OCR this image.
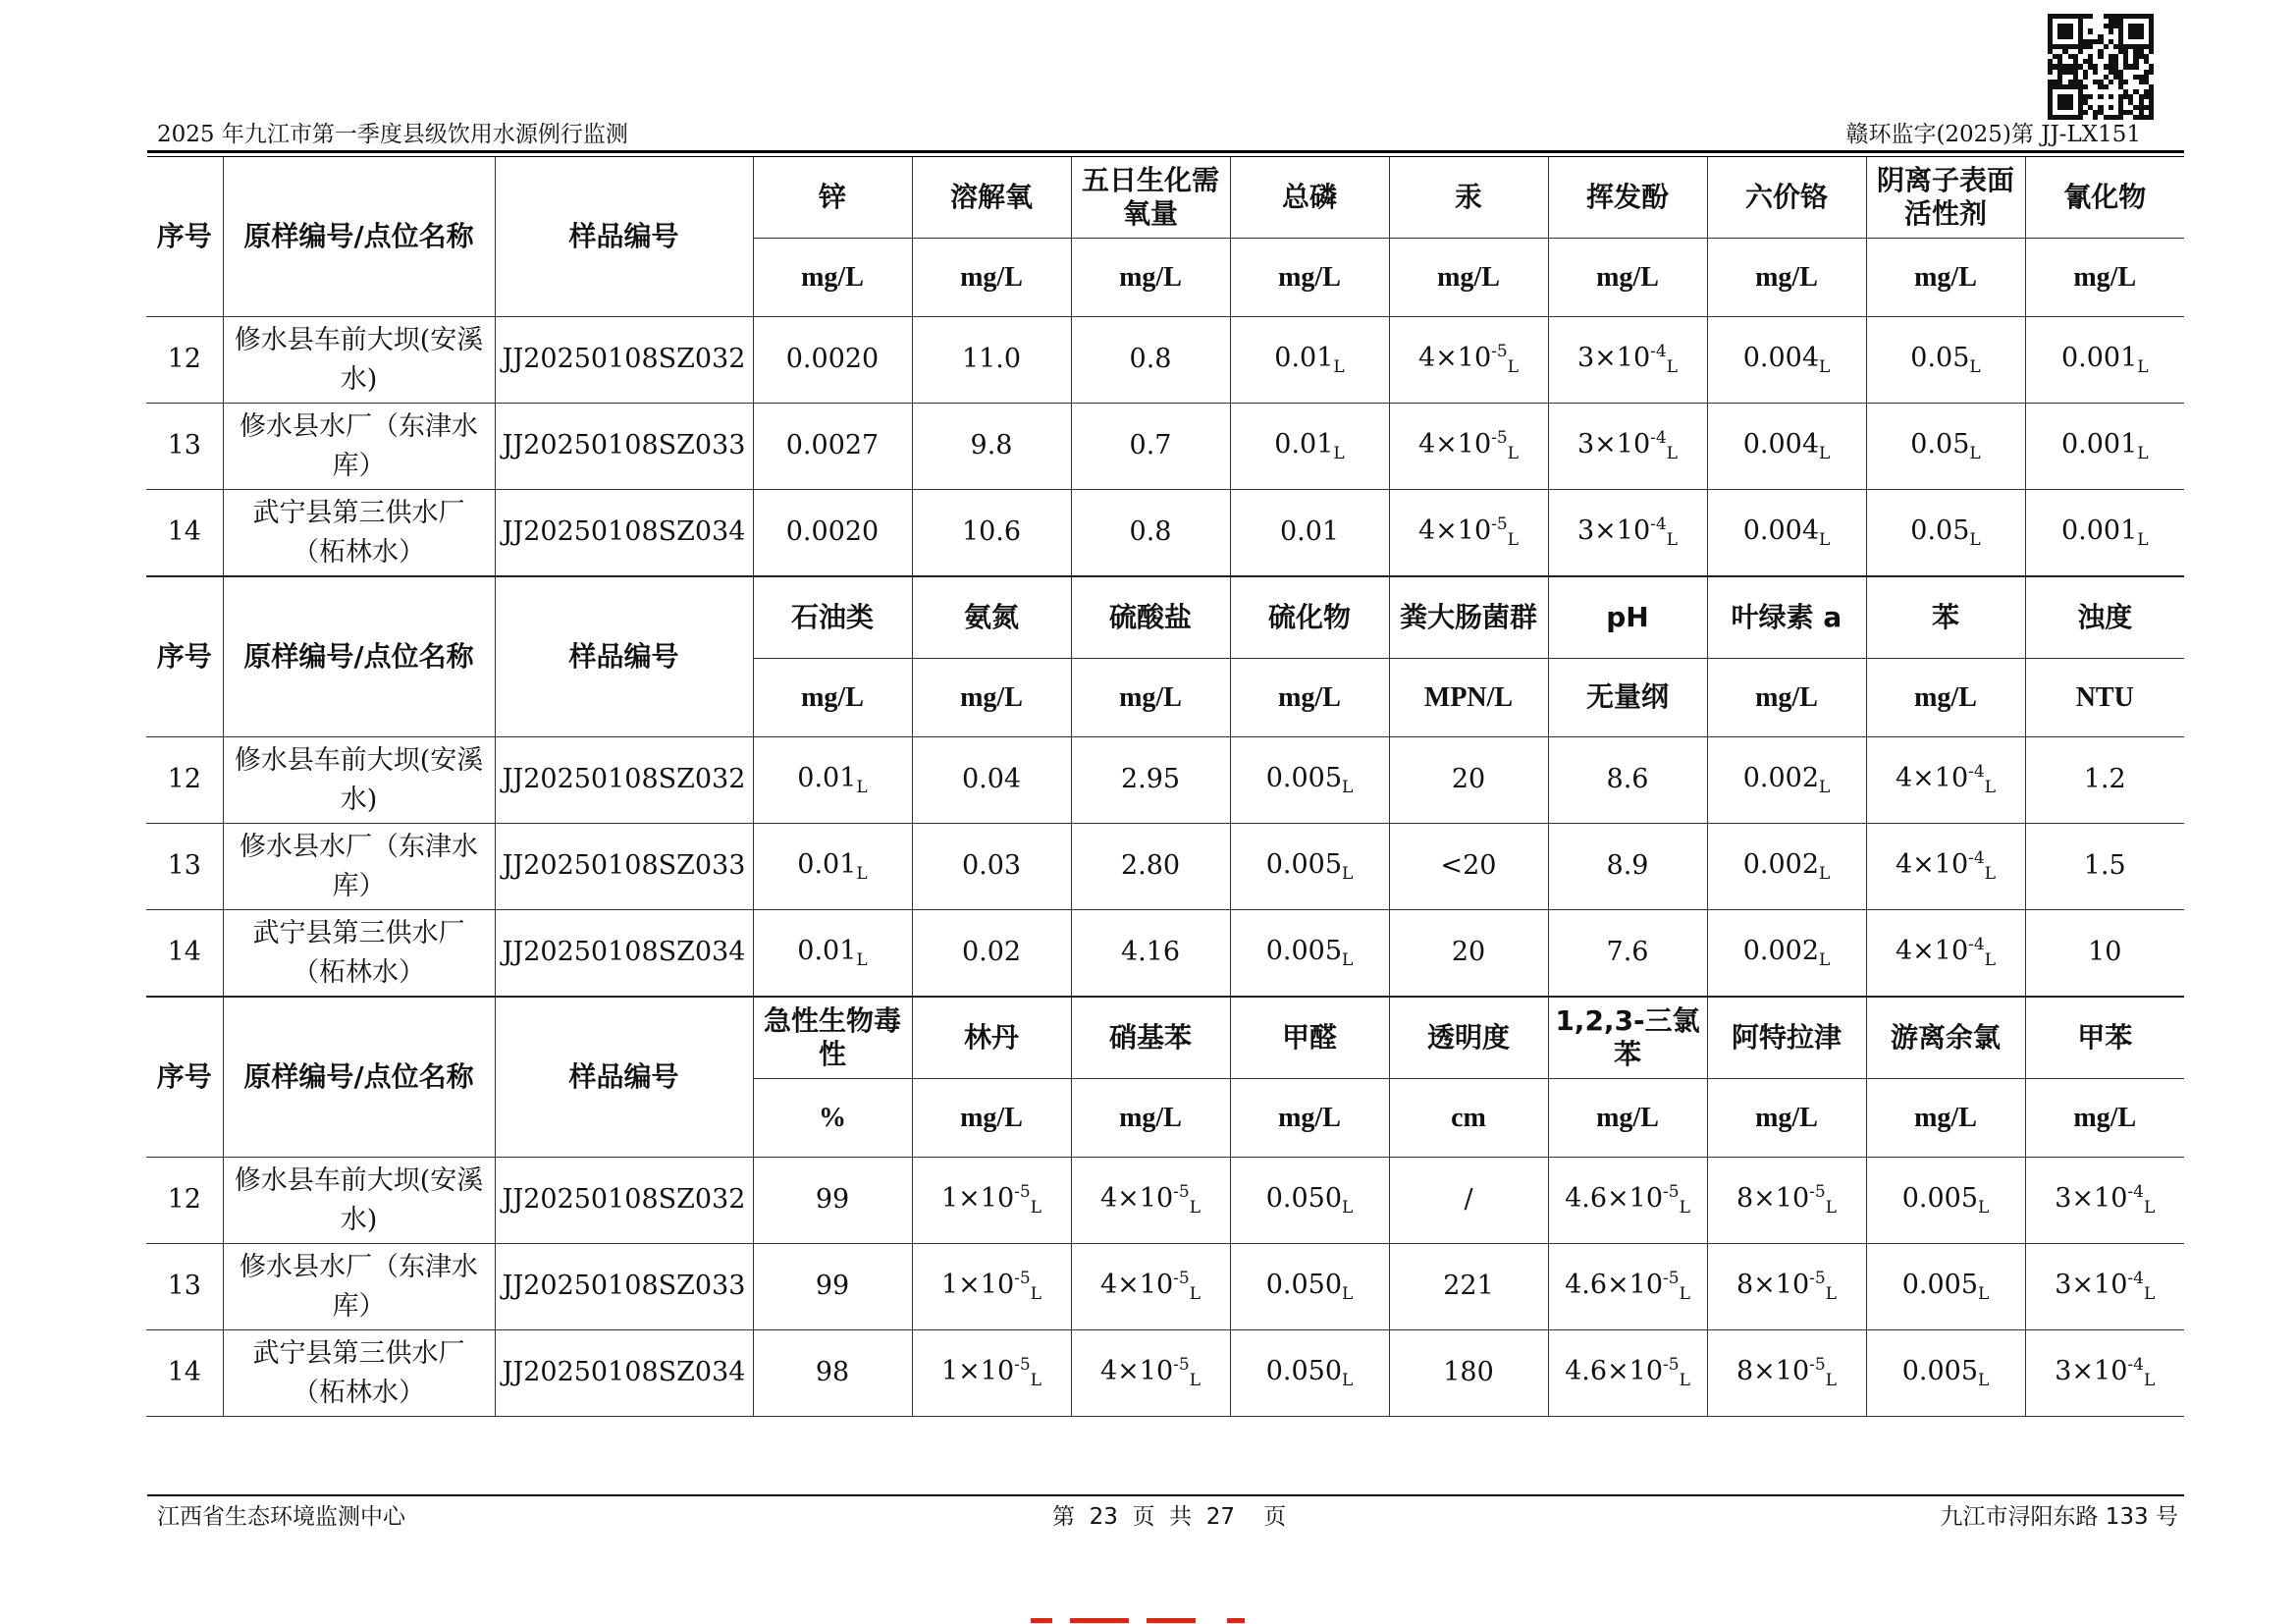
2025 年九江市第一季度县级饮用水源例行监测	赣环监字(2025)第 JJ-LX151
序号	原样编号/点位名称	样品编号	锌	溶解氧	五日生化需氧量	总磷	汞	挥发酚	六价铬	阴离子表面活性剂	氰化物
			mg/L	mg/L	mg/L	mg/L	mg/L	mg/L	mg/L	mg/L	mg/L
12	修水县车前大坝(安溪水)	JJ20250108SZ032	0.0020	11.0	0.8	$0.01_L$	$4\times 10^{-5}_L$	$3\times 10^{-4}_L$	$0.004_L$	$0.05_L$	$0.001_L$
13	修水县水厂（东津水库）	JJ20250108SZ033	0.0027	9.8	0.7	$0.01_L$	$4\times 10^{-5}_L$	$3\times 10^{-4}_L$	$0.004_L$	$0.05_L$	$0.001_L$
14	武宁县第三供水厂（柘林水）	JJ20250108SZ034	0.0020	10.6	0.8	0.01	$4\times 10^{-5}_L$	$3\times 10^{-4}_L$	$0.004_L$	$0.05_L$	$0.001_L$
序号	原样编号/点位名称	样品编号	石油类	氨氮	硫酸盐	硫化物	粪大肠菌群	pH	叶绿素 a	苯	浊度
			mg/L	mg/L	mg/L	mg/L	MPN/L	无量纲	mg/L	mg/L	NTU
12	修水县车前大坝(安溪水)	JJ20250108SZ032	$0.01_L$	0.04	2.95	$0.005_L$	20	8.6	$0.002_L$	$4\times 10^{-4}_L$	1.2
13	修水县水厂（东津水库）	JJ20250108SZ033	$0.01_L$	0.03	2.80	$0.005_L$	<20	8.9	$0.002_L$	$4\times 10^{-4}_L$	1.5
14	武宁县第三供水厂（柘林水）	JJ20250108SZ034	$0.01_L$	0.02	4.16	$0.005_L$	20	7.6	$0.002_L$	$4\times 10^{-4}_L$	10
序号	原样编号/点位名称	样品编号	急性生物毒性	林丹	硝基苯	甲醛	透明度	1,2,3-三氯苯	阿特拉津	游离余氯	甲苯
			%	mg/L	mg/L	mg/L	cm	mg/L	mg/L	mg/L	mg/L
12	修水县车前大坝(安溪水)	JJ20250108SZ032	99	$1\times 10^{-5}_L$	$4\times 10^{-5}_L$	$0.050_L$	/	$4.6\times 10^{-5}_L$	$8\times 10^{-5}_L$	$0.005_L$	$3\times 10^{-4}_L$
13	修水县水厂（东津水库）	JJ20250108SZ033	99	$1\times 10^{-5}_L$	$4\times 10^{-5}_L$	$0.050_L$	221	$4.6\times 10^{-5}_L$	$8\times 10^{-5}_L$	$0.005_L$	$3\times 10^{-4}_L$
14	武宁县第三供水厂（柘林水）	JJ20250108SZ034	98	$1\times 10^{-5}_L$	$4\times 10^{-5}_L$	$0.050_L$	180	$4.6\times 10^{-5}_L$	$8\times 10^{-5}_L$	$0.005_L$	$3\times 10^{-4}_L$
江西省生态环境监测中心	第  23  页  共  27    页	九江市浔阳东路 133 号
